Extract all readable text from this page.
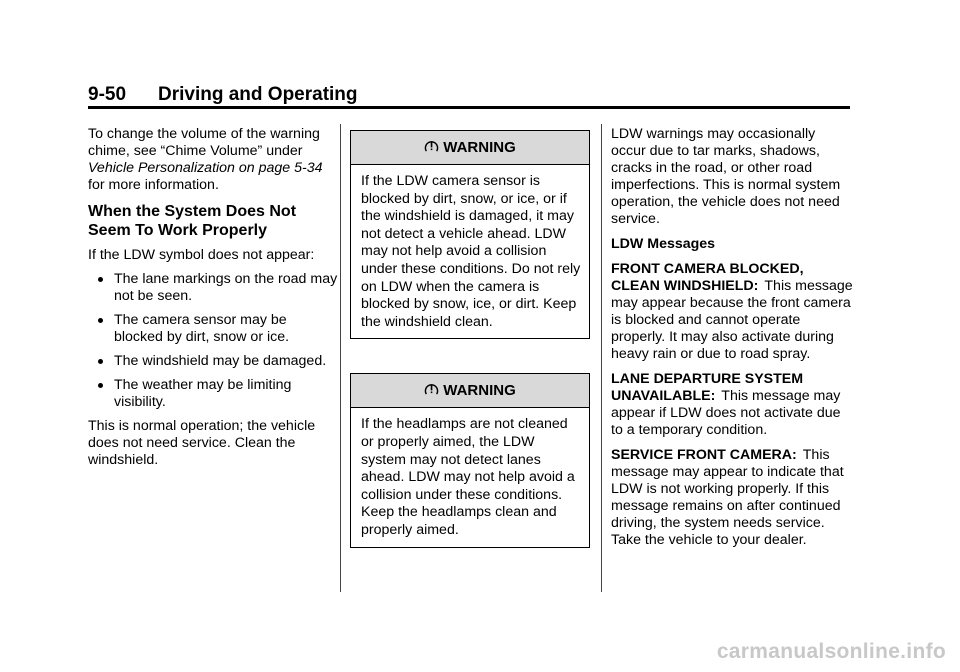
9-50 Driving and Operating

To change the volume of the warning chime, see “Chime Volume” under Vehicle Personalization on page 5-34 for more information.

When the System Does Not Seem To Work Properly

If the LDW symbol does not appear:

The lane markings on the road may not be seen.
The camera sensor may be blocked by dirt, snow or ice.
The windshield may be damaged.
The weather may be limiting visibility.

This is normal operation; the vehicle does not need service. Clean the windshield.

WARNING

If the LDW camera sensor is blocked by dirt, snow, or ice, or if the windshield is damaged, it may not detect a vehicle ahead. LDW may not help avoid a collision under these conditions. Do not rely on LDW when the camera is blocked by snow, ice, or dirt. Keep the windshield clean.

WARNING

If the headlamps are not cleaned or properly aimed, the LDW system may not detect lanes ahead. LDW may not help avoid a collision under these conditions. Keep the headlamps clean and properly aimed.

LDW warnings may occasionally occur due to tar marks, shadows, cracks in the road, or other road imperfections. This is normal system operation, the vehicle does not need service.

LDW Messages

FRONT CAMERA BLOCKED, CLEAN WINDSHIELD: This message may appear because the front camera is blocked and cannot operate properly. It may also activate during heavy rain or due to road spray.

LANE DEPARTURE SYSTEM UNAVAILABLE: This message may appear if LDW does not activate due to a temporary condition.

SERVICE FRONT CAMERA: This message may appear to indicate that LDW is not working properly. If this message remains on after continued driving, the system needs service. Take the vehicle to your dealer.

carmanualsonline.info
